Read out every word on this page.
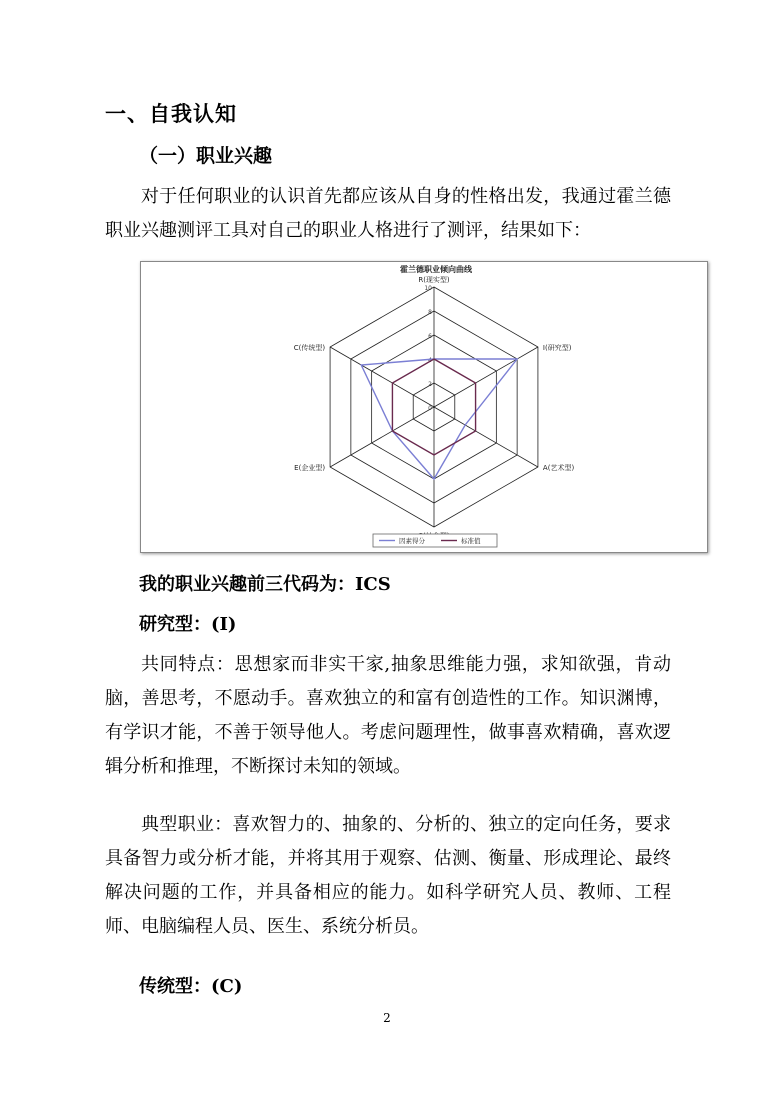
一、自我认知
（一）职业兴趣
对于任何职业的认识首先都应该从自身的性格出发，我通过霍兰德职业兴趣测评工具对自己的职业人格进行了测评，结果如下：
霍兰德职业倾向曲线
0
2
4
6
8
10
R(现实型)
I(研究型)
A(艺术型)
E(企业型)
C(传统型)
因素得分	标准值
我的职业兴趣前三代码为：ICS
研究型：(I)
共同特点：思想家而非实干家,抽象思维能力强，求知欲强，肯动脑，善思考，不愿动手。喜欢独立的和富有创造性的工作。知识渊博，有学识才能，不善于领导他人。考虑问题理性，做事喜欢精确，喜欢逻辑分析和推理，不断探讨未知的领域。
典型职业：喜欢智力的、抽象的、分析的、独立的定向任务，要求具备智力或分析才能，并将其用于观察、估测、衡量、形成理论、最终解决问题的工作，并具备相应的能力。如科学研究人员、教师、工程师、电脑编程人员、医生、系统分析员。
传统型：(C)
2
